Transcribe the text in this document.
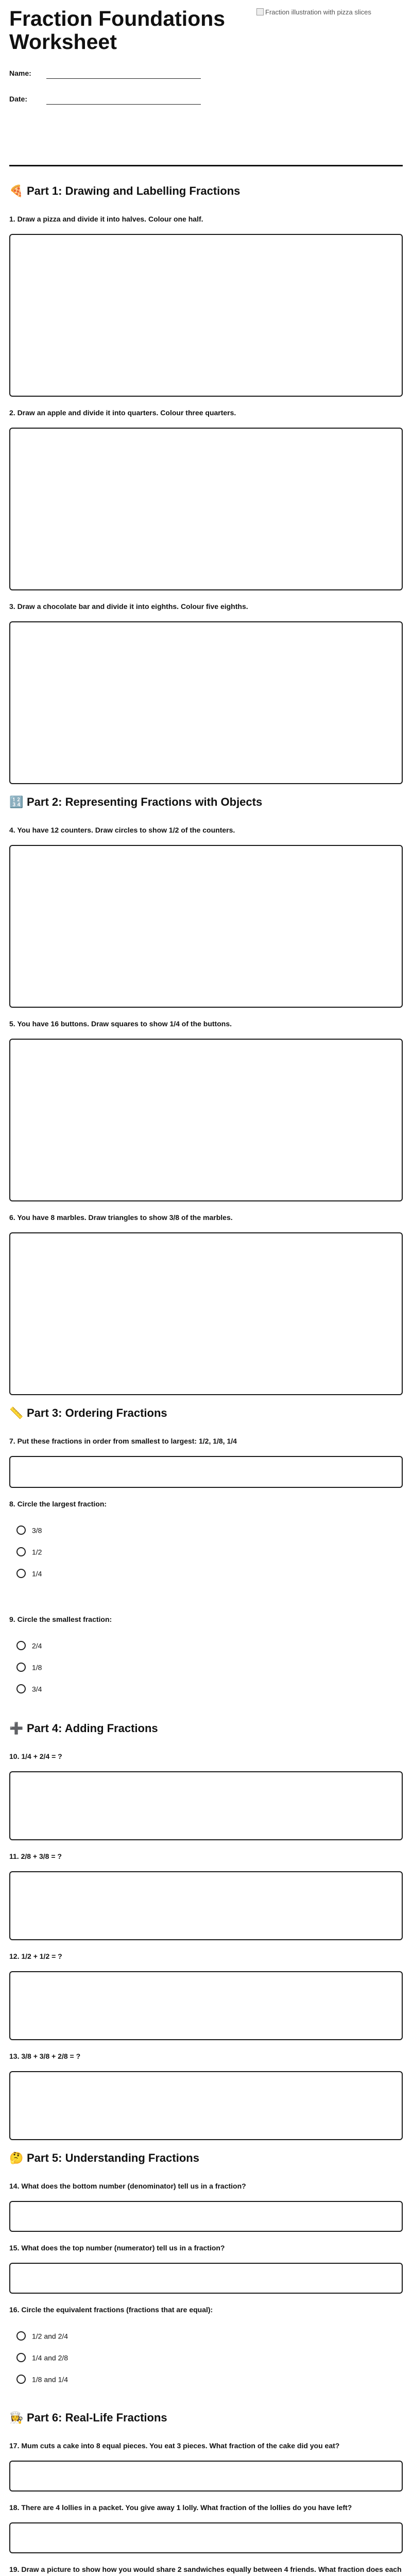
Fraction Foundations Worksheet
Fraction illustration with pizza slices
Name:
Date:
🍕 Part 1: Drawing and Labelling Fractions
1. Draw a pizza and divide it into halves. Colour one half.
2. Draw an apple and divide it into quarters. Colour three quarters.
3. Draw a chocolate bar and divide it into eighths. Colour five eighths.
🔢 Part 2: Representing Fractions with Objects
4. You have 12 counters. Draw circles to show 1/2 of the counters.
5. You have 16 buttons. Draw squares to show 1/4 of the buttons.
6. You have 8 marbles. Draw triangles to show 3/8 of the marbles.
📏 Part 3: Ordering Fractions
7. Put these fractions in order from smallest to largest: 1/2, 1/8, 1/4
8. Circle the largest fraction:
3/8
1/2
1/4
9. Circle the smallest fraction:
2/4
1/8
3/4
➕ Part 4: Adding Fractions
10. 1/4 + 2/4 = ?
11. 2/8 + 3/8 = ?
12. 1/2 + 1/2 = ?
13. 3/8 + 3/8 + 2/8 = ?
🤔 Part 5: Understanding Fractions
14. What does the bottom number (denominator) tell us in a fraction?
15. What does the top number (numerator) tell us in a fraction?
16. Circle the equivalent fractions (fractions that are equal):
1/2 and 2/4
1/4 and 2/8
1/8 and 1/4
👩‍🍳 Part 6: Real-Life Fractions
17. Mum cuts a cake into 8 equal pieces. You eat 3 pieces. What fraction of the cake did you eat?
18. There are 4 lollies in a packet. You give away 1 lolly. What fraction of the lollies do you have left?
19. Draw a picture to show how you would share 2 sandwiches equally between 4 friends. What fraction does each
